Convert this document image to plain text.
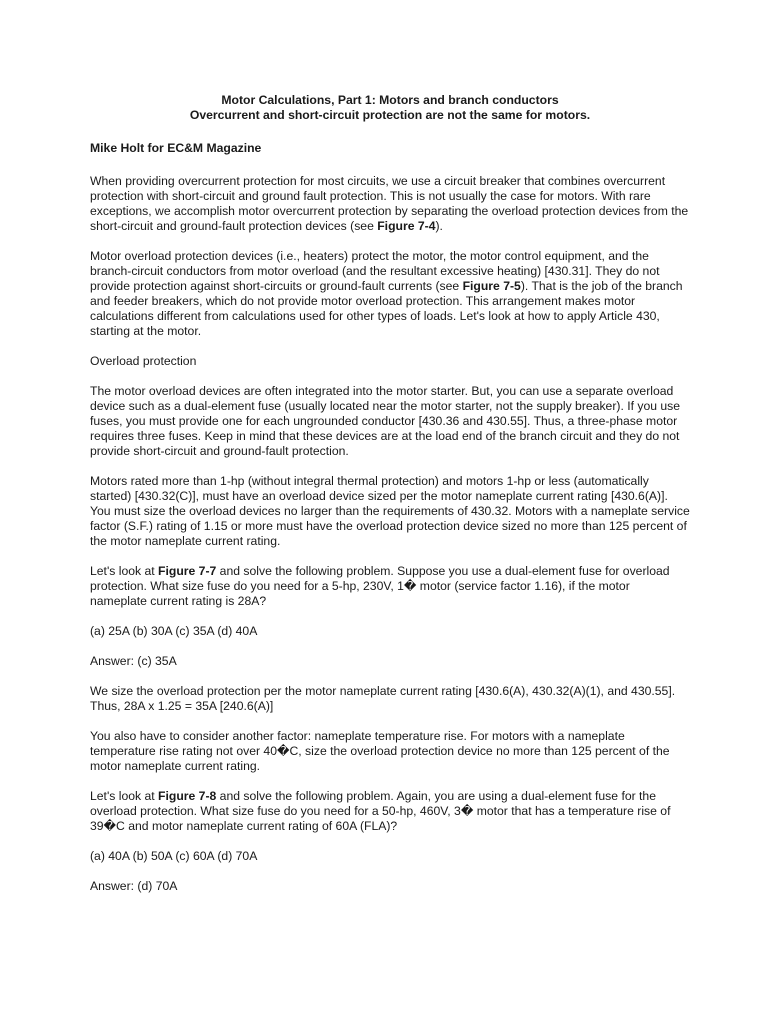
Motor Calculations, Part 1: Motors and branch conductors
Overcurrent and short-circuit protection are not the same for motors.
Mike Holt for EC&M Magazine

When providing overcurrent protection for most circuits, we use a circuit breaker that combines overcurrent protection with short-circuit and ground fault protection. This is not usually the case for motors. With rare exceptions, we accomplish motor overcurrent protection by separating the overload protection devices from the short-circuit and ground-fault protection devices (see Figure 7-4).

Motor overload protection devices (i.e., heaters) protect the motor, the motor control equipment, and the branch-circuit conductors from motor overload (and the resultant excessive heating) [430.31]. They do not provide protection against short-circuits or ground-fault currents (see Figure 7-5). That is the job of the branch and feeder breakers, which do not provide motor overload protection. This arrangement makes motor calculations different from calculations used for other types of loads. Let's look at how to apply Article 430, starting at the motor.

Overload protection

The motor overload devices are often integrated into the motor starter. But, you can use a separate overload device such as a dual-element fuse (usually located near the motor starter, not the supply breaker). If you use fuses, you must provide one for each ungrounded conductor [430.36 and 430.55]. Thus, a three-phase motor requires three fuses. Keep in mind that these devices are at the load end of the branch circuit and they do not provide short-circuit and ground-fault protection.

Motors rated more than 1-hp (without integral thermal protection) and motors 1-hp or less (automatically started) [430.32(C)], must have an overload device sized per the motor nameplate current rating [430.6(A)]. You must size the overload devices no larger than the requirements of 430.32. Motors with a nameplate service factor (S.F.) rating of 1.15 or more must have the overload protection device sized no more than 125 percent of the motor nameplate current rating.

Let's look at Figure 7-7 and solve the following problem. Suppose you use a dual-element fuse for overload protection. What size fuse do you need for a 5-hp, 230V, 1� motor (service factor 1.16), if the motor nameplate current rating is 28A?

(a) 25A (b) 30A (c) 35A (d) 40A

Answer: (c) 35A

We size the overload protection per the motor nameplate current rating [430.6(A), 430.32(A)(1), and 430.55]. Thus, 28A x 1.25 = 35A [240.6(A)]

You also have to consider another factor: nameplate temperature rise. For motors with a nameplate temperature rise rating not over 40�C, size the overload protection device no more than 125 percent of the motor nameplate current rating.

Let's look at Figure 7-8 and solve the following problem. Again, you are using a dual-element fuse for the overload protection. What size fuse do you need for a 50-hp, 460V, 3� motor that has a temperature rise of 39�C and motor nameplate current rating of 60A (FLA)?

(a) 40A (b) 50A (c) 60A (d) 70A

Answer: (d) 70A
